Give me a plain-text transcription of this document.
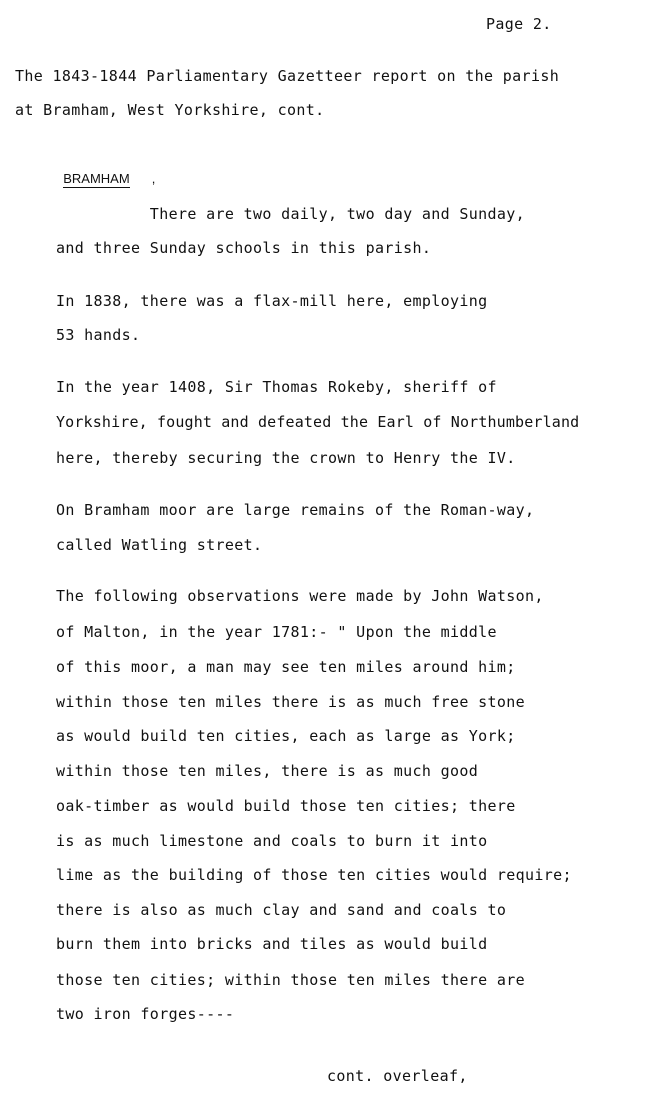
Page 2.
The 1843-1844 Parliamentary Gazetteer report on the parish
at Bramham, West Yorkshire, cont.

BRAMHAM ,

There are two daily, two day and Sunday,
and three Sunday schools in this parish.
In 1838, there was a flax-mill here, employing
53 hands.
In the year 1408, Sir Thomas Rokeby, sheriff of
Yorkshire, fought and defeated the Earl of Northumberland
here, thereby securing the crown to Henry the IV.
On Bramham moor are large remains of the Roman-way,
called Watling street.
The following observations were made by John Watson,
of Malton, in the year 1781:- " Upon the middle
of this moor, a man may see ten miles around him;
within those ten miles there is as much free stone
as would build ten cities, each as large as York;
within those ten miles, there is as much good
oak-timber as would build those ten cities; there
is as much limestone and coals to burn it into
lime as the building of those ten cities would require;
there is also as much clay and sand and coals to
burn them into bricks and tiles as would build
those ten cities; within those ten miles there are
two iron forges----
cont. overleaf,
